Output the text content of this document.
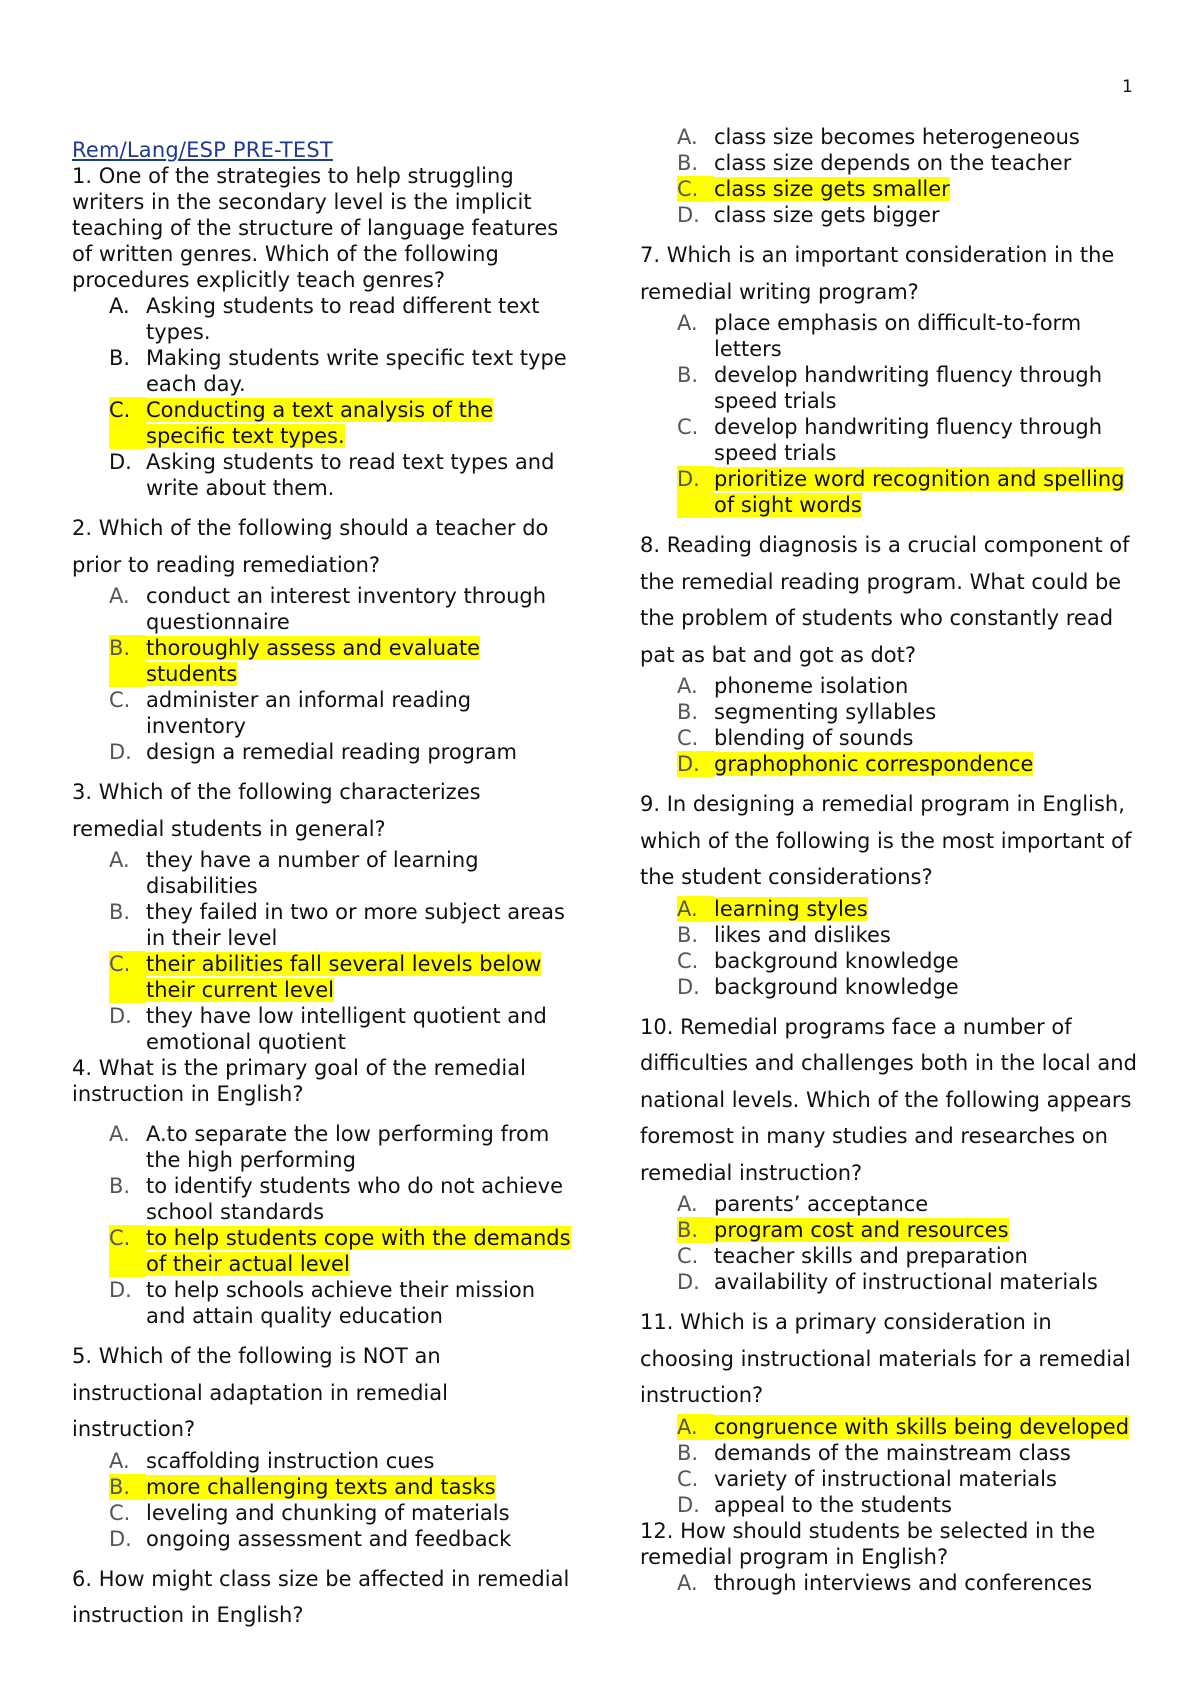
1
Rem/Lang/ESP PRE-TEST

1. One of the strategies to help struggling writers in the secondary level is the implicit teaching of the structure of language features of written genres. Which of the following procedures explicitly teach genres?

A. Asking students to read different text types.
B. Making students write specific text type each day.
C. Conducting a text analysis of the specific text types.
D. Asking students to read text types and write about them.

2. Which of the following should a teacher do prior to reading remediation?

A. conduct an interest inventory through questionnaire
B. thoroughly assess and evaluate students
C. administer an informal reading inventory
D. design a remedial reading program

3. Which of the following characterizes remedial students in general?

A. they have a number of learning disabilities
B. they failed in two or more subject areas in their level
C. their abilities fall several levels below their current level
D. they have low intelligent quotient and emotional quotient

4. What is the primary goal of the remedial instruction in English?

A. A.to separate the low performing from the high performing
B. to identify students who do not achieve school standards
C. to help students cope with the demands of their actual level
D. to help schools achieve their mission and attain quality education

5. Which of the following is NOT an instructional adaptation in remedial instruction?

A. scaffolding instruction cues
B. more challenging texts and tasks
C. leveling and chunking of materials
D. ongoing assessment and feedback

6. How might class size be affected in remedial instruction in English?

A. class size becomes heterogeneous
B. class size depends on the teacher
C. class size gets smaller
D. class size gets bigger

7. Which is an important consideration in the remedial writing program?

A. place emphasis on difficult-to-form letters
B. develop handwriting fluency through speed trials
C. develop handwriting fluency through speed trials
D. prioritize word recognition and spelling of sight words

8. Reading diagnosis is a crucial component of the remedial reading program. What could be the problem of students who constantly read pat as bat and got as dot?

A. phoneme isolation
B. segmenting syllables
C. blending of sounds
D. graphophonic correspondence

9. In designing a remedial program in English, which of the following is the most important of the student considerations?

A. learning styles
B. likes and dislikes
C. background knowledge
D. background knowledge

10. Remedial programs face a number of difficulties and challenges both in the local and national levels. Which of the following appears foremost in many studies and researches on remedial instruction?

A. parents’ acceptance
B. program cost and resources
C. teacher skills and preparation
D. availability of instructional materials

11. Which is a primary consideration in choosing instructional materials for a remedial instruction?

A. congruence with skills being developed
B. demands of the mainstream class
C. variety of instructional materials
D. appeal to the students

12. How should students be selected in the remedial program in English?

A. through interviews and conferences
